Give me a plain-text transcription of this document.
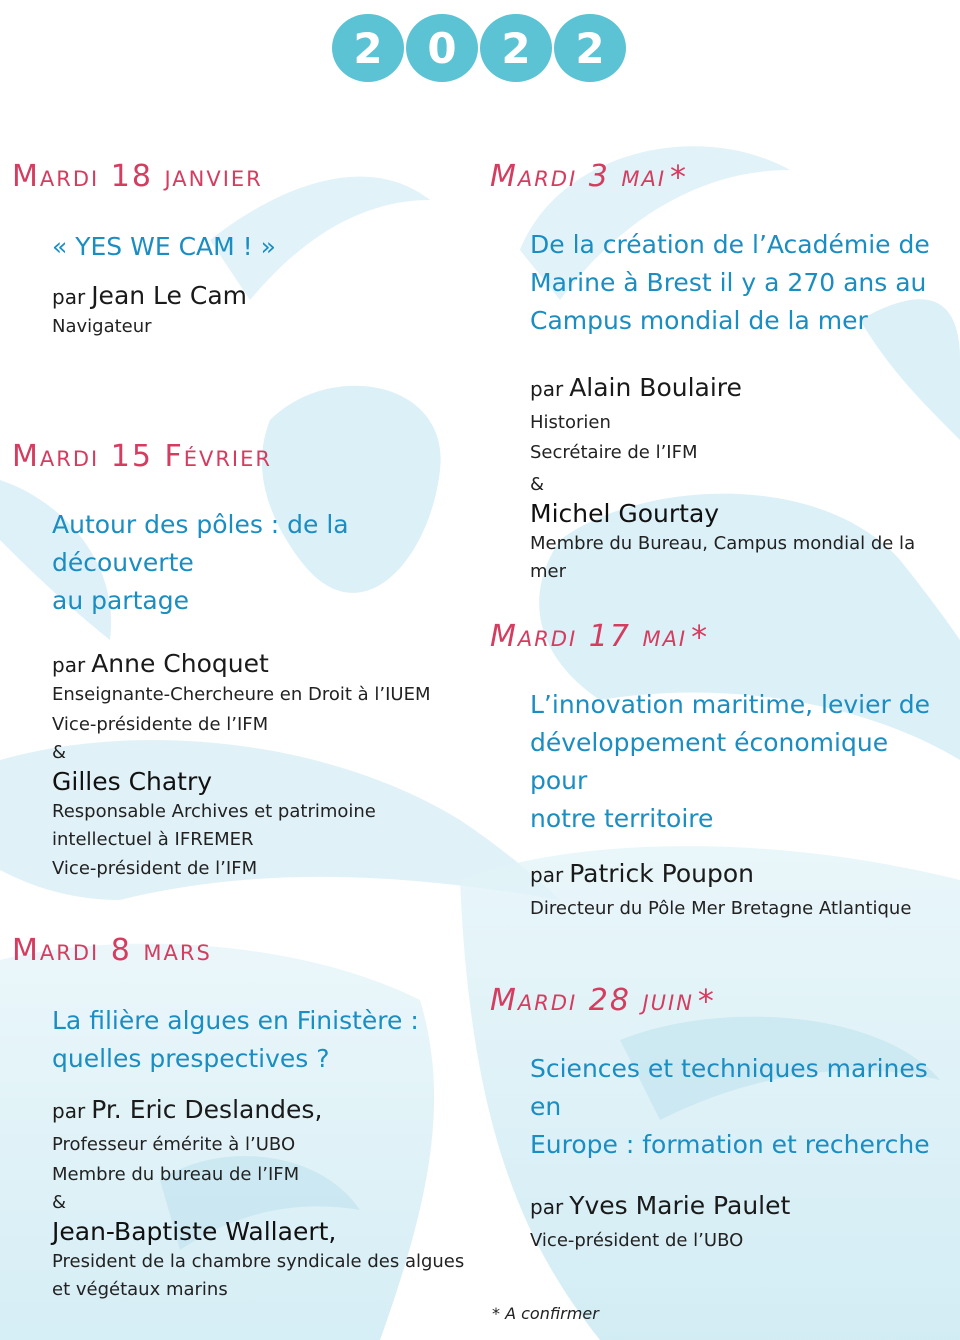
2	0	2	2
Mardi 18 janvier
« YES WE CAM ! »
par Jean Le Cam
Navigateur
Mardi 15 Février
Autour des pôles : de la découverte
au partage
par Anne Choquet
Enseignante-Chercheure en Droit à l’IUEM
Vice-présidente de l’IFM
&
Gilles Chatry
Responsable Archives et patrimoine
intellectuel à IFREMER
Vice-président de l’IFM
Mardi 8 mars
La filière algues en Finistère :
quelles prespectives ?
par Pr. Eric Deslandes,
Professeur émérite à l’UBO
Membre du bureau de l’IFM
&
Jean-Baptiste Wallaert,
President de la chambre syndicale des algues
et végétaux marins
Mardi 3 mai *
De la création de l’Académie de
Marine à Brest il y a 270 ans au
Campus mondial de la mer
par Alain Boulaire
Historien
Secrétaire de l’IFM
&
Michel Gourtay
Membre du Bureau, Campus mondial de la mer
Mardi 17 mai *
L’innovation maritime, levier de
développement économique pour
notre territoire
par Patrick Poupon
Directeur du Pôle Mer Bretagne Atlantique
Mardi 28 juin *
Sciences et techniques marines en
Europe : formation et recherche
par Yves Marie Paulet
Vice-président de l’UBO
* A confirmer
